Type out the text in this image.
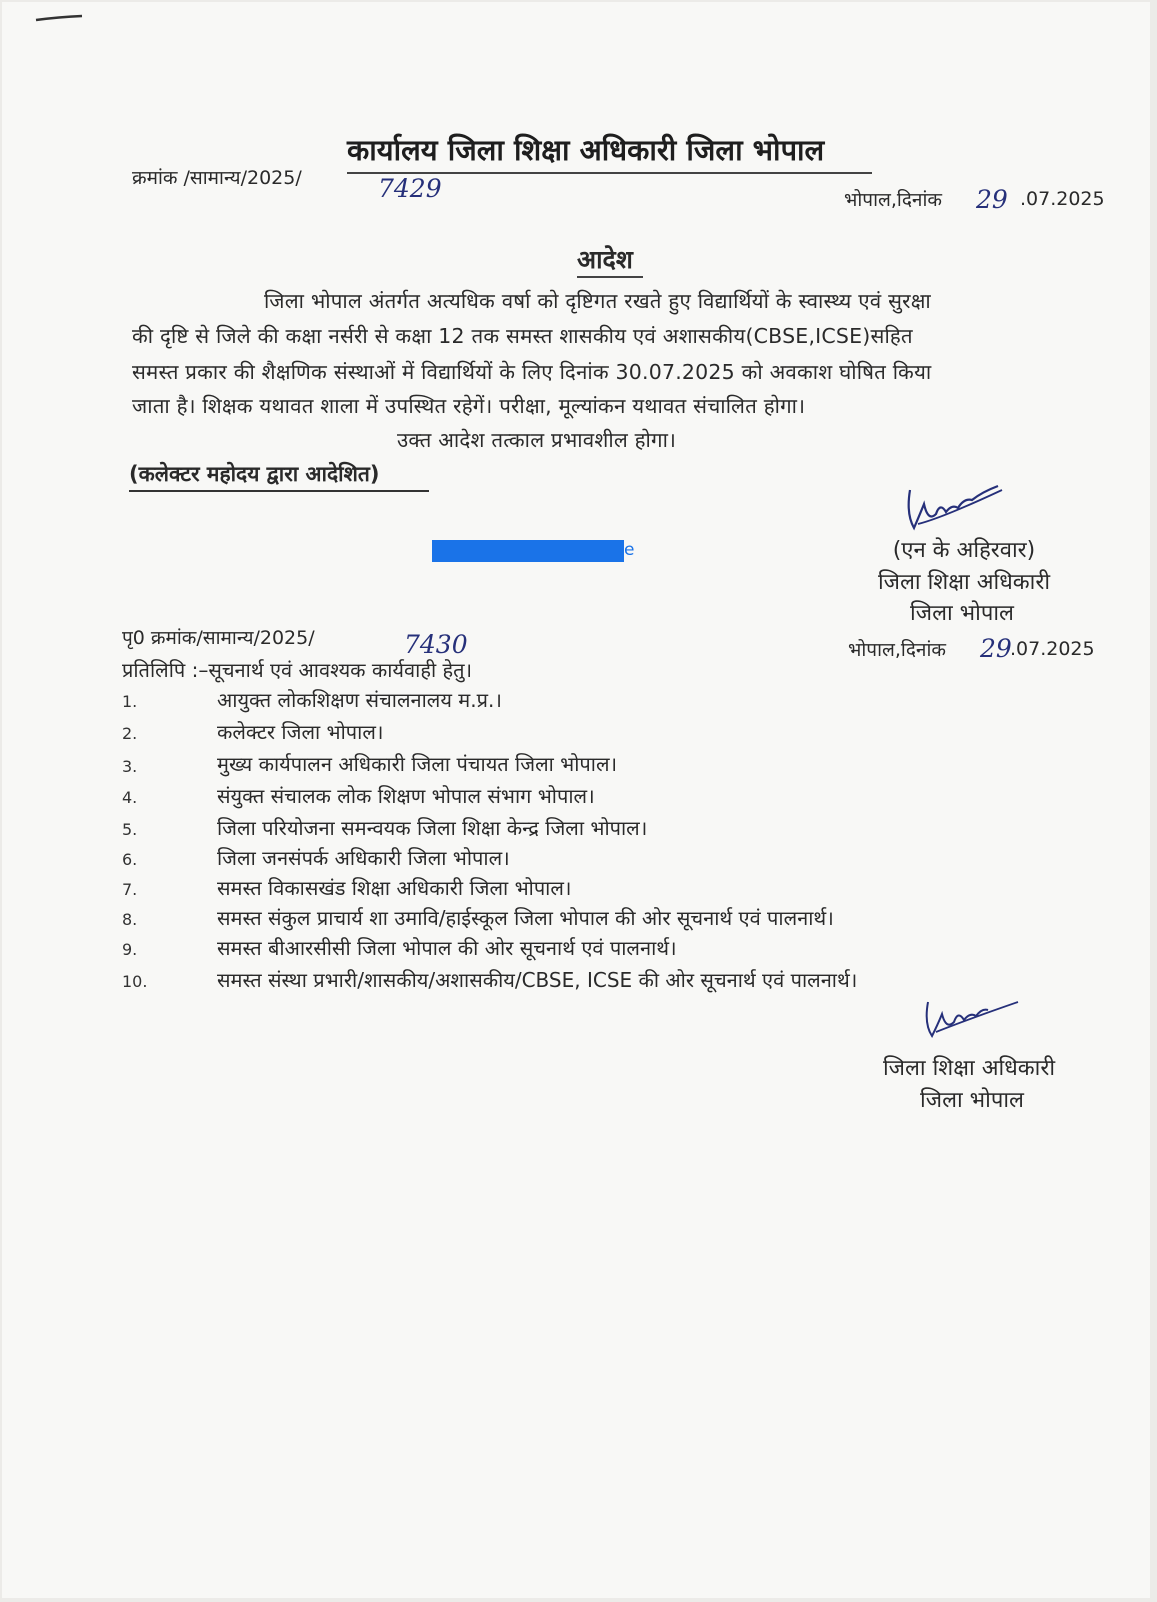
कार्यालय जिला शिक्षा अधिकारी जिला भोपाल
क्रमांक /सामान्य/2025/	7429	भोपाल,दिनांक 29 .07.2025
आदेश
जिला भोपाल अंतर्गत अत्यधिक वर्षा को दृष्टिगत रखते हुए विद्यार्थियों के स्वास्थ्य एवं सुरक्षा
की दृष्टि से जिले की कक्षा नर्सरी से कक्षा 12 तक समस्त शासकीय एवं अशासकीय(CBSE,ICSE)सहित
समस्त प्रकार की शैक्षणिक संस्थाओं में विद्यार्थियों के लिए दिनांक 30.07.2025 को अवकाश घोषित किया
जाता है। शिक्षक यथावत शाला में उपस्थित रहेगें। परीक्षा, मूल्यांकन यथावत संचालित होगा।
उक्त आदेश तत्काल प्रभावशील होगा।
(कलेक्टर महोदय द्वारा आदेशित)
e	(एन के अहिरवार)
जिला शिक्षा अधिकारी
जिला भोपाल
पृ0 क्रमांक/सामान्य/2025/	7430	भोपाल,दिनांक 29
.07.2025
प्रतिलिपि :–सूचनार्थ एवं आवश्यक कार्यवाही हेतु।
1.	आयुक्त लोकशिक्षण संचालनालय म.प्र.।
2.	कलेक्टर जिला भोपाल।
3.	मुख्य कार्यपालन अधिकारी जिला पंचायत जिला भोपाल।
4.	संयुक्त संचालक लोक शिक्षण भोपाल संभाग भोपाल।
5.	जिला परियोजना समन्वयक जिला शिक्षा केन्द्र जिला भोपाल।
6.	जिला जनसंपर्क अधिकारी जिला भोपाल।
7.	समस्त विकासखंड शिक्षा अधिकारी जिला भोपाल।
8.	समस्त संकुल प्राचार्य शा उमावि/हाईस्कूल जिला भोपाल की ओर सूचनार्थ एवं पालनार्थ।
9.	समस्त बीआरसीसी जिला भोपाल की ओर सूचनार्थ एवं पालनार्थ।
10.	समस्त संस्था प्रभारी/शासकीय/अशासकीय/CBSE, ICSE की ओर सूचनार्थ एवं पालनार्थ।
जिला शिक्षा अधिकारी
जिला भोपाल
